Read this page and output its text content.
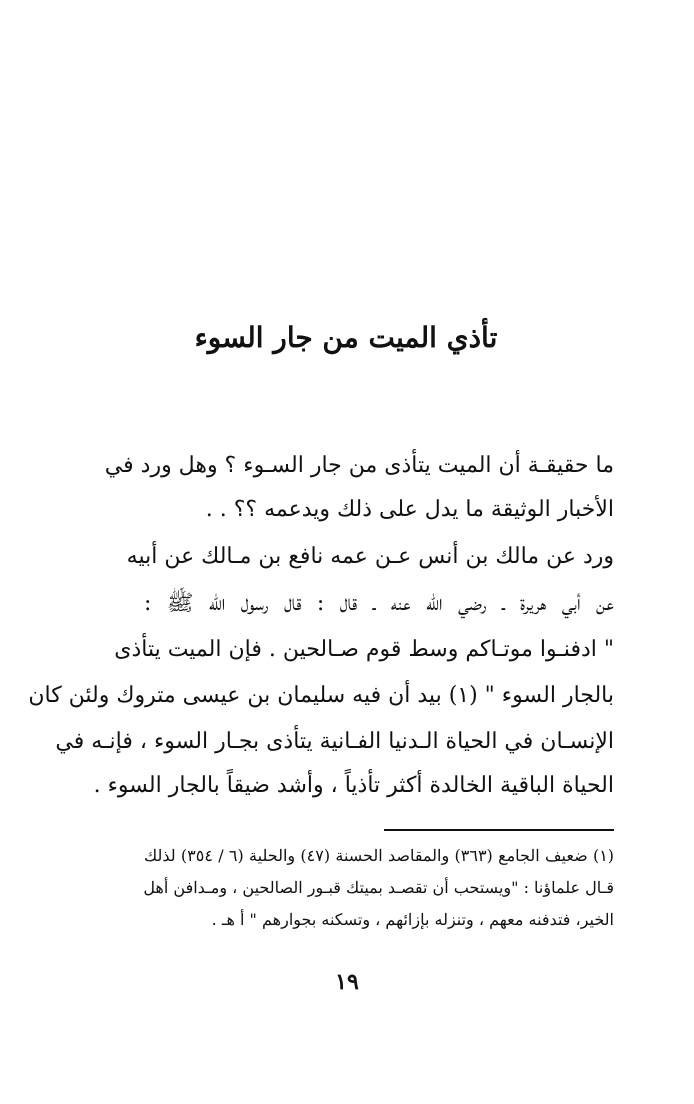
تأذي الميت من جار السوء
ما حقيقـة أن الميت يتأذى من جار السـوء ؟ وهل ورد في
الأخبار الوثيقة ما يدل على ذلك ويدعمه ؟؟ . .
ورد عن مالك بن أنس عـن عمه نافع بن مـالك عن أبيه
عن أبي هريرة ـ رضي الله عنه ـ قال : قال رسول الله ﷺ :
" ادفنـوا موتـاكم وسط قوم صـالحين . فإن الميت يتأذى
بالجار السوء " (١) بيد أن فيه سليمان بن عيسى متروك ولئن كان
الإنسـان في الحياة الـدنيا الفـانية يتأذى بجـار السوء ، فإنـه في
الحياة الباقية الخالدة أكثر تأذياً ، وأشد ضيقاً بالجار السوء .
(١) ضعيف الجامع (٣٦٣) والمقاصد الحسنة (٤٧) والحلية (٦ / ٣٥٤) لذلك
قـال علماؤنا : "ويستحب أن تقصـد بميتك قبـور الصالحين ، ومـدافن أهل
الخير، فتدفنه معهم ، وتنزله بإزائهم ، وتسكنه بجوارهم " أ هـ .
١٩
